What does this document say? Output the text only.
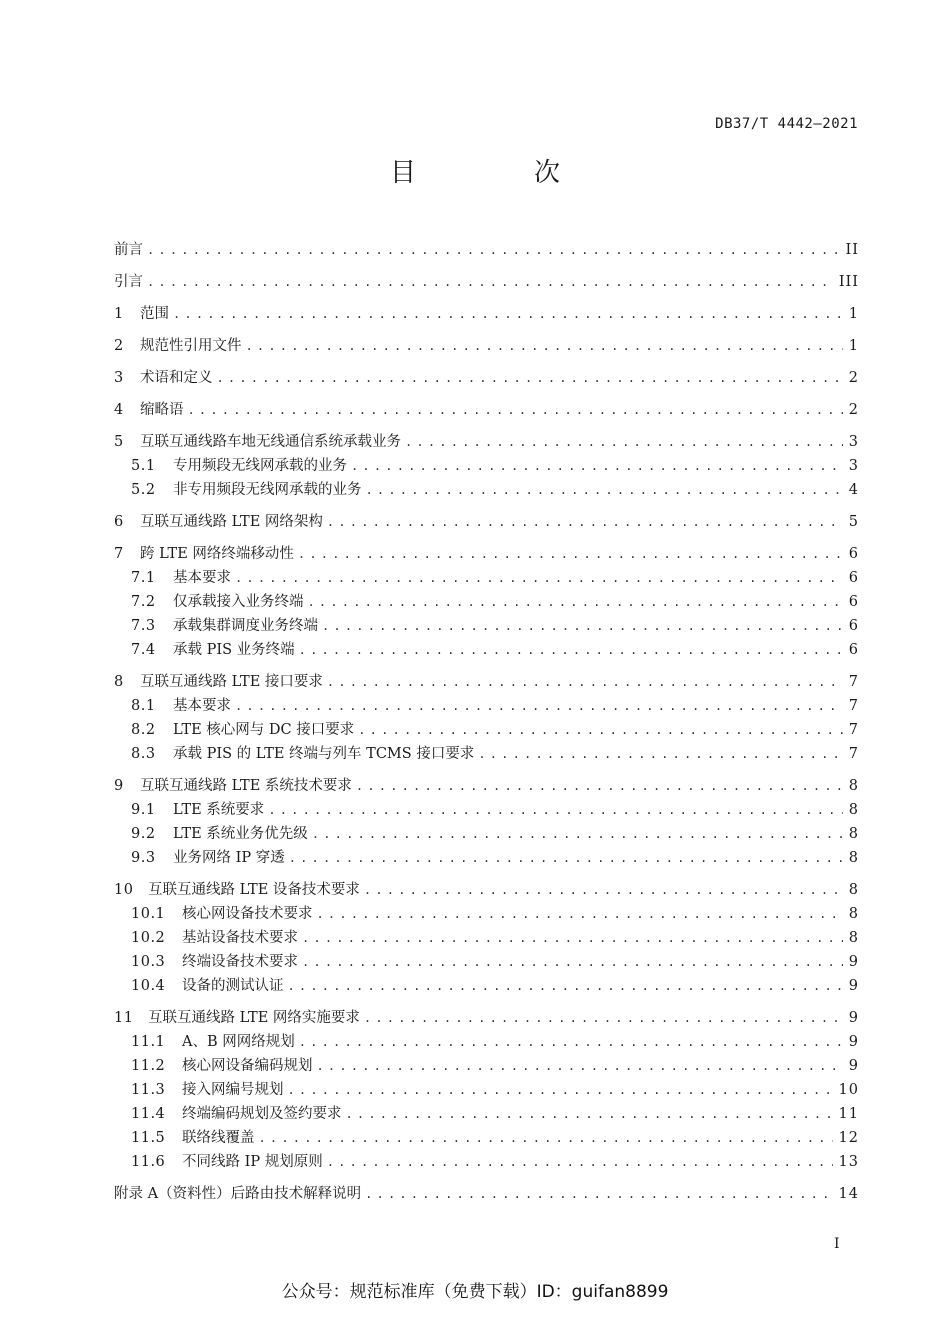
DB37/T 4442—2021
目　次
前言 .....	II
引言 .....	III
1	范围 .....	1
2	规范性引用文件 .....	1
3	术语和定义 .....	2
4	缩略语 .....	2
5	互联互通线路车地无线通信系统承载业务 .....	3
5.1	专用频段无线网承载的业务 .....	3
5.2	非专用频段无线网承载的业务 .....	4
6	互联互通线路 LTE 网络架构 .....	5
7	跨 LTE 网络终端移动性 .....	6
7.1	基本要求 .....	6
7.2	仅承载接入业务终端 .....	6
7.3	承载集群调度业务终端 .....	6
7.4	承载 PIS 业务终端 .....	6
8	互联互通线路 LTE 接口要求 .....	7
8.1	基本要求 .....	7
8.2	LTE 核心网与 DC 接口要求 .....	7
8.3	承载 PIS 的 LTE 终端与列车 TCMS 接口要求 .....	7
9	互联互通线路 LTE 系统技术要求 .....	8
9.1	LTE 系统要求 .....	8
9.2	LTE 系统业务优先级 .....	8
9.3	业务网络 IP 穿透 .....	8
10	互联互通线路 LTE 设备技术要求 .....	8
10.1	核心网设备技术要求 .....	8
10.2	基站设备技术要求 .....	8
10.3	终端设备技术要求 .....	9
10.4	设备的测试认证 .....	9
11	互联互通线路 LTE 网络实施要求 .....	9
11.1	A、B 网网络规划 .....	9
11.2	核心网设备编码规划 .....	9
11.3	接入网编号规划 .....	10
11.4	终端编码规划及签约要求 .....	11
11.5	联络线覆盖 .....	12
11.6	不同线路 IP 规划原则 .....	13
附录 A（资料性）后路由技术解释说明 .....	14
I
公众号：规范标准库（免费下载）ID：guifan8899
